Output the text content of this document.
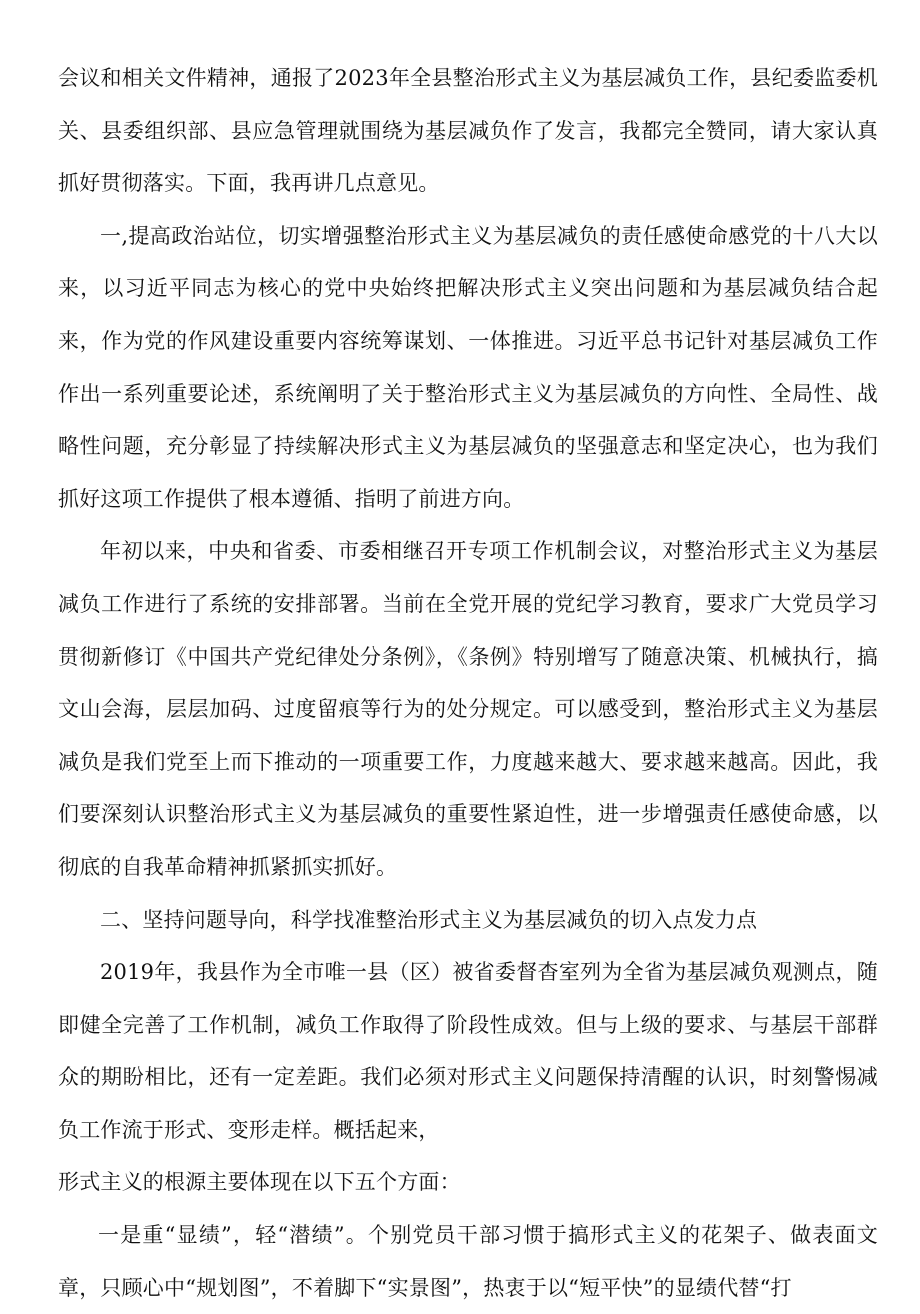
会议和相关文件精神，通报了2023年全县整治形式主义为基层减负工作，县纪委监委机关、县委组织部、县应急管理就围绕为基层减负作了发言，我都完全赞同，请大家认真抓好贯彻落实。下面，我再讲几点意见。

一,提高政治站位，切实增强整治形式主义为基层减负的责任感使命感党的十八大以来，以习近平同志为核心的党中央始终把解决形式主义突出问题和为基层减负结合起来，作为党的作风建设重要内容统筹谋划、一体推进。习近平总书记针对基层减负工作作出一系列重要论述，系统阐明了关于整治形式主义为基层减负的方向性、全局性、战略性问题，充分彰显了持续解决形式主义为基层减负的坚强意志和坚定决心，也为我们抓好这项工作提供了根本遵循、指明了前进方向。

年初以来，中央和省委、市委相继召开专项工作机制会议，对整治形式主义为基层减负工作进行了系统的安排部署。当前在全党开展的党纪学习教育，要求广大党员学习贯彻新修订《中国共产党纪律处分条例》，《条例》特别增写了随意决策、机械执行，搞文山会海，层层加码、过度留痕等行为的处分规定。可以感受到，整治形式主义为基层减负是我们党至上而下推动的一项重要工作，力度越来越大、要求越来越高。因此，我们要深刻认识整治形式主义为基层减负的重要性紧迫性，进一步增强责任感使命感，以彻底的自我革命精神抓紧抓实抓好。

二、坚持问题导向，科学找准整治形式主义为基层减负的切入点发力点

2019年，我县作为全市唯一县（区）被省委督杳室列为全省为基层减负观测点，随即健全完善了工作机制，减负工作取得了阶段性成效。但与上级的要求、与基层干部群众的期盼相比，还有一定差距。我们必须对形式主义问题保持清醒的认识，时刻警惕减负工作流于形式、变形走样。概括起来，

形式主义的根源主要体现在以下五个方面：

一是重“显绩”，轻“潜绩”。个别党员干部习惯于搞形式主义的花架子、做表面文章，只顾心中“规划图”，不着脚下“实景图”，热衷于以“短平快”的显绩代替“打
